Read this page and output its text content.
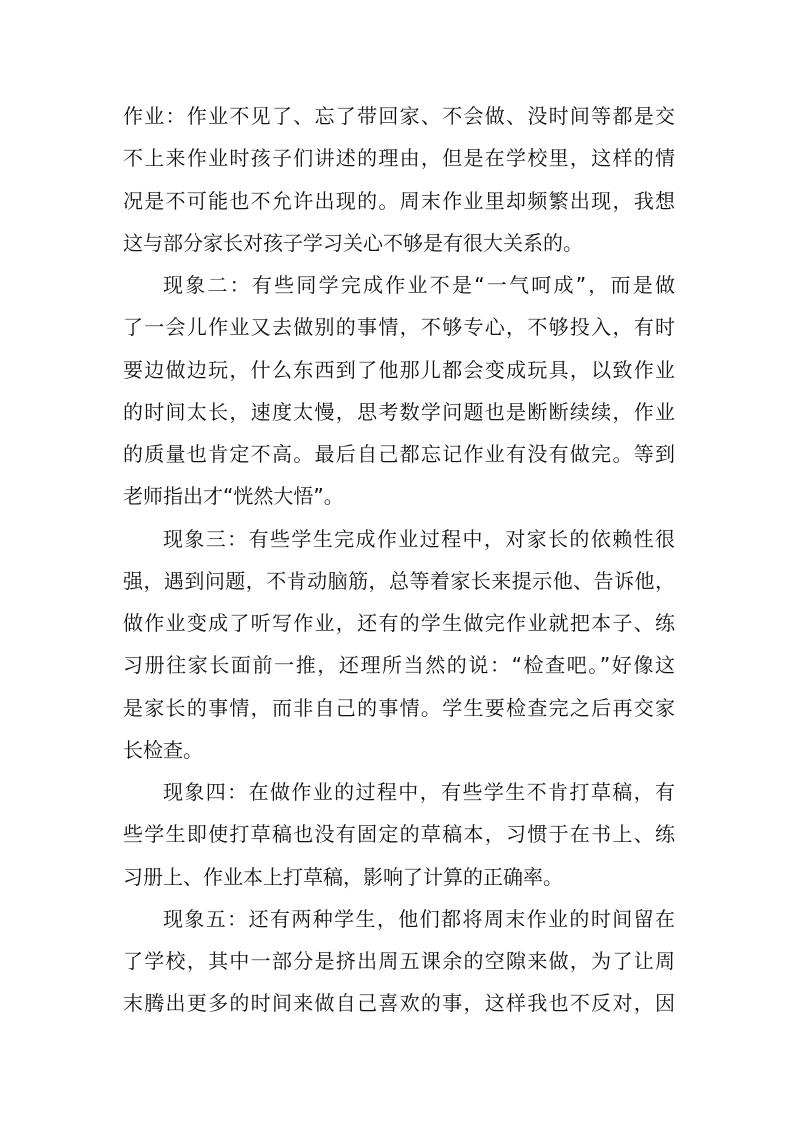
作业：作业不见了、忘了带回家、不会做、没时间等都是交
不上来作业时孩子们讲述的理由，但是在学校里，这样的情
况是不可能也不允许出现的。周末作业里却频繁出现，我想
这与部分家长对孩子学习关心不够是有很大关系的。
现象二：有些同学完成作业不是“一气呵成”，而是做
了一会儿作业又去做别的事情，不够专心，不够投入，有时
要边做边玩，什么东西到了他那儿都会变成玩具，以致作业
的时间太长，速度太慢，思考数学问题也是断断续续，作业
的质量也肯定不高。最后自己都忘记作业有没有做完。等到
老师指出才“恍然大悟”。
现象三：有些学生完成作业过程中，对家长的依赖性很
强，遇到问题，不肯动脑筋，总等着家长来提示他、告诉他，
做作业变成了听写作业，还有的学生做完作业就把本子、练
习册往家长面前一推，还理所当然的说：“检查吧。”好像这
是家长的事情，而非自己的事情。学生要检查完之后再交家
长检查。
现象四：在做作业的过程中，有些学生不肯打草稿，有
些学生即使打草稿也没有固定的草稿本，习惯于在书上、练
习册上、作业本上打草稿，影响了计算的正确率。
现象五：还有两种学生，他们都将周末作业的时间留在
了学校，其中一部分是挤出周五课余的空隙来做，为了让周
末腾出更多的时间来做自己喜欢的事，这样我也不反对，因
